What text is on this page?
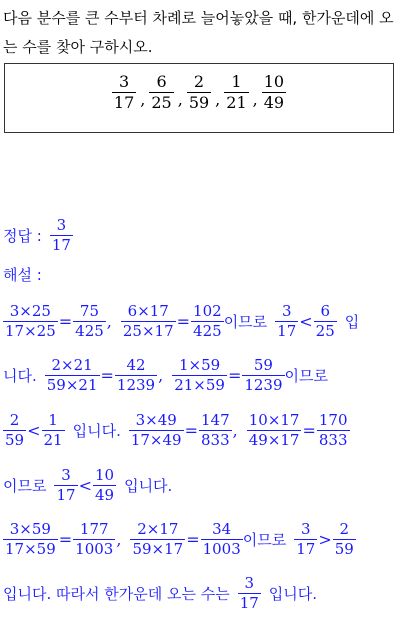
다음 분수를 큰 수부터 차례로 늘어놓았을 때, 한가운데에 오는 수를 찾아 구하시오.
$\frac{3}{17}$ , $\frac{6}{25}$ , $\frac{2}{59}$ , $\frac{1}{21}$ , $\frac{10}{49}$
정답 : $\frac{3}{17}$
해설 :
$\frac{3\times 25}{17\times 25} = \frac{75}{425}$ , $\frac{6\times 17}{25\times 17} = \frac{102}{425}$ 이므로 $\frac{3}{17} < \frac{6}{25}$ 입
니다. $\frac{2\times 21}{59\times 21} = \frac{42}{1239}$ , $\frac{1\times 59}{21\times 59} = \frac{59}{1239}$ 이므로
$\frac{2}{59} < \frac{1}{21}$ 입니다. $\frac{3\times 49}{17\times 49} = \frac{147}{833}$ , $\frac{10\times 17}{49\times 17} = \frac{170}{833}$
이므로 $\frac{3}{17} < \frac{10}{49}$ 입니다.
$\frac{3\times 59}{17\times 59} = \frac{177}{1003}$ , $\frac{2\times 17}{59\times 17} = \frac{34}{1003}$ 이므로 $\frac{3}{17} > \frac{2}{59}$
입니다. 따라서 한가운데 오는 수는 $\frac{3}{17}$ 입니다.
